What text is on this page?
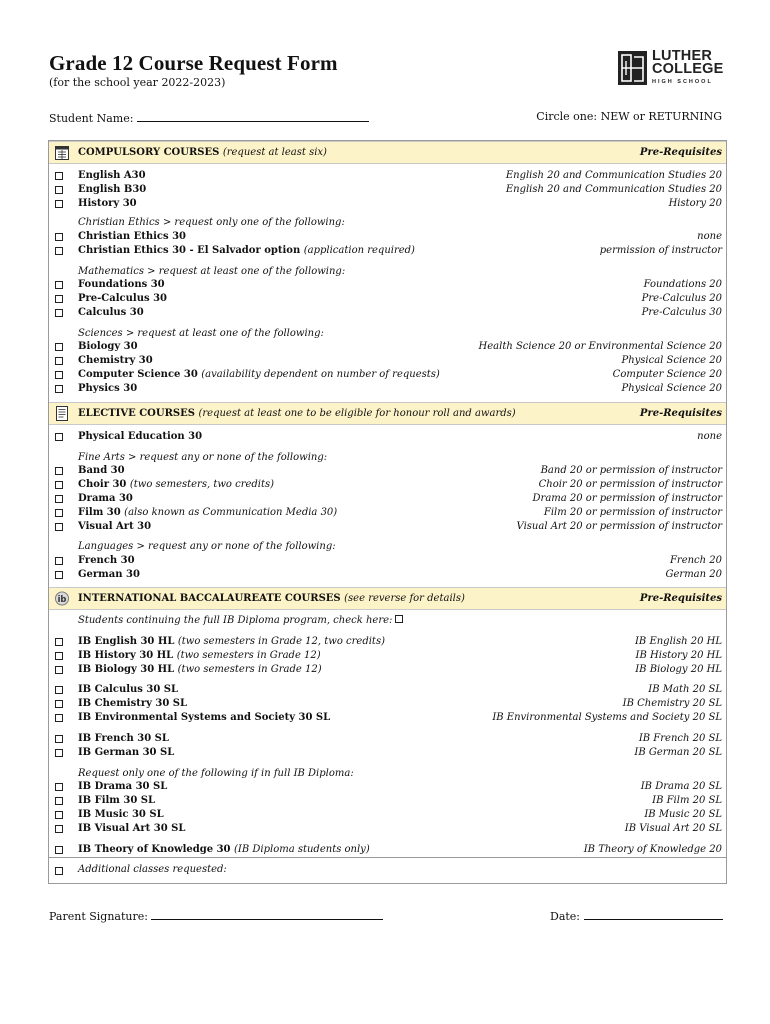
Grade 12 Course Request Form
(for the school year 2022-2023)
LUTHER
COLLEGE
HIGH SCHOOL
Student Name:	Circle one: NEW or RETURNING
COMPULSORY COURSES (request at least six)	Pre-Requisites
English A30	English 20 and Communication Studies 20
English B30	English 20 and Communication Studies 20
History 30	History 20
Christian Ethics > request only one of the following:
Christian Ethics 30	none
Christian Ethics 30 - El Salvador option (application required)	permission of instructor
Mathematics > request at least one of the following:
Foundations 30	Foundations 20
Pre-Calculus 30	Pre-Calculus 20
Calculus 30	Pre-Calculus 30
Sciences > request at least one of the following:
Biology 30	Health Science 20 or Environmental Science 20
Chemistry 30	Physical Science 20
Computer Science 30 (availability dependent on number of requests)	Computer Science 20
Physics 30	Physical Science 20
ELECTIVE COURSES (request at least one to be eligible for honour roll and awards)	Pre-Requisites
Physical Education 30	none
Fine Arts > request any or none of the following:
Band 30	Band 20 or permission of instructor
Choir 30 (two semesters, two credits)	Choir 20 or permission of instructor
Drama 30	Drama 20 or permission of instructor
Film 30 (also known as Communication Media 30)	Film 20 or permission of instructor
Visual Art 30	Visual Art 20 or permission of instructor
Languages > request any or none of the following:
French 30	French 20
German 30	German 20
ib INTERNATIONAL BACCALAUREATE COURSES (see reverse for details)	Pre-Requisites
Students continuing the full IB Diploma program, check here:
IB English 30 HL (two semesters in Grade 12, two credits)	IB English 20 HL
IB History 30 HL (two semesters in Grade 12)	IB History 20 HL
IB Biology 30 HL (two semesters in Grade 12)	IB Biology 20 HL
IB Calculus 30 SL	IB Math 20 SL
IB Chemistry 30 SL	IB Chemistry 20 SL
IB Environmental Systems and Society 30 SL	IB Environmental Systems and Society 20 SL
IB French 30 SL	IB French 20 SL
IB German 30 SL	IB German 20 SL
Request only one of the following if in full IB Diploma:
IB Drama 30 SL	IB Drama 20 SL
IB Film 30 SL	IB Film 20 SL
IB Music 30 SL	IB Music 20 SL
IB Visual Art 30 SL	IB Visual Art 20 SL
IB Theory of Knowledge 30 (IB Diploma students only)	IB Theory of Knowledge 20
Additional classes requested:
Parent Signature:	Date:
